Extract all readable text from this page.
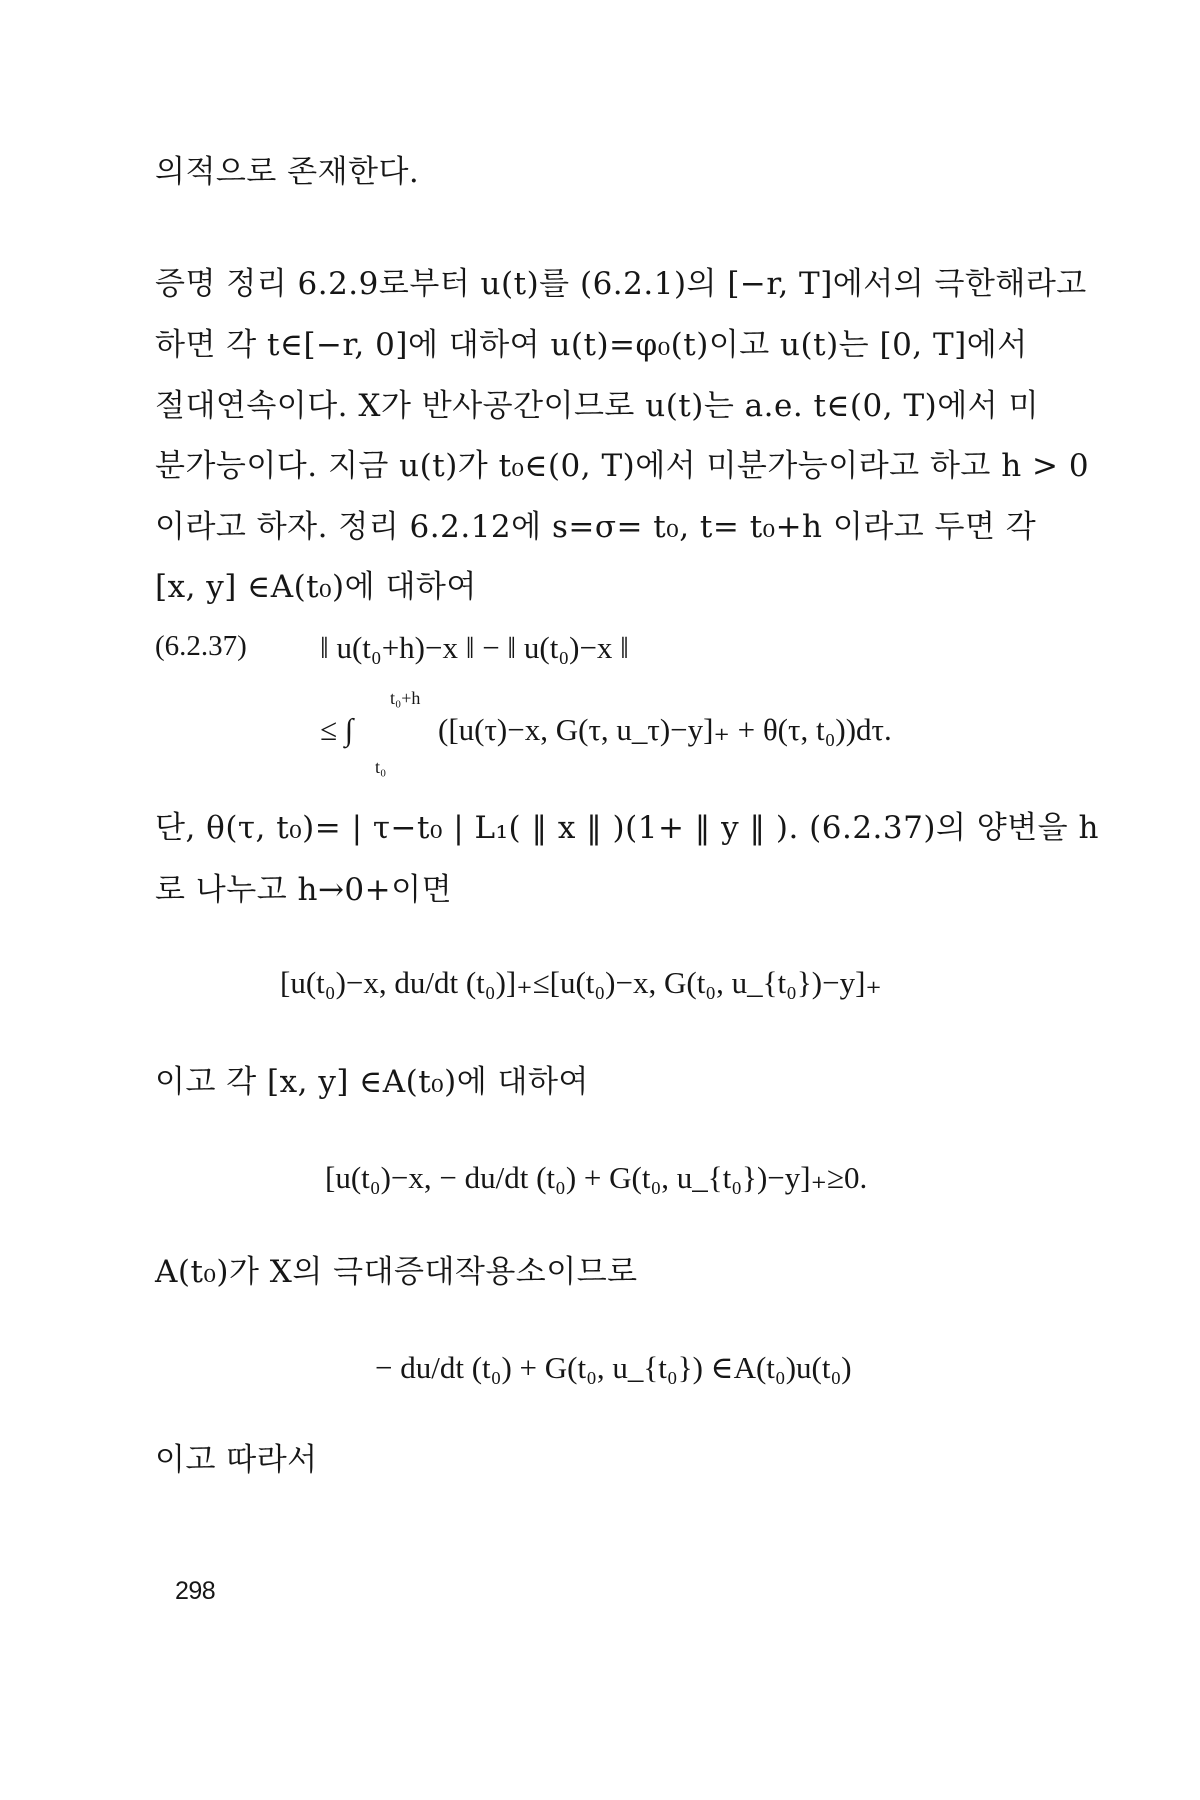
의적으로 존재한다.
증명 정리 6.2.9로부터 u(t)를 (6.2.1)의 [−r, T]에서의 극한해라고
하면 각 t∈[−r, 0]에 대하여 u(t)=φ₀(t)이고 u(t)는 [0, T]에서
절대연속이다. X가 반사공간이므로 u(t)는 a.e. t∈(0, T)에서 미
분가능이다. 지금 u(t)가 t₀∈(0, T)에서 미분가능이라고 하고 h > 0
이라고 하자. 정리 6.2.12에 s=σ= t₀, t= t₀+h 이라고 두면 각
[x, y] ∈A(t₀)에 대하여
(6.2.37) ‖ u(t₀+h)−x ‖ − ‖ u(t₀)−x ‖
≤ ∫
t₀+h
t₀
([u(τ)−x, G(τ, u_τ)−y]₊ + θ(τ, t₀))dτ.
단, θ(τ, t₀)= | τ−t₀ | L₁( ‖ x ‖ )(1+ ‖ y ‖ ). (6.2.37)의 양변을 h
로 나누고 h→0+이면
[u(t₀)−x, du/dt (t₀)]₊≤[u(t₀)−x, G(t₀, u_{t₀})−y]₊
이고 각 [x, y] ∈A(t₀)에 대하여
[u(t₀)−x, − du/dt (t₀) + G(t₀, u_{t₀})−y]₊≥0.
A(t₀)가 X의 극대증대작용소이므로
− du/dt (t₀) + G(t₀, u_{t₀}) ∈A(t₀)u(t₀)
이고 따라서
298
